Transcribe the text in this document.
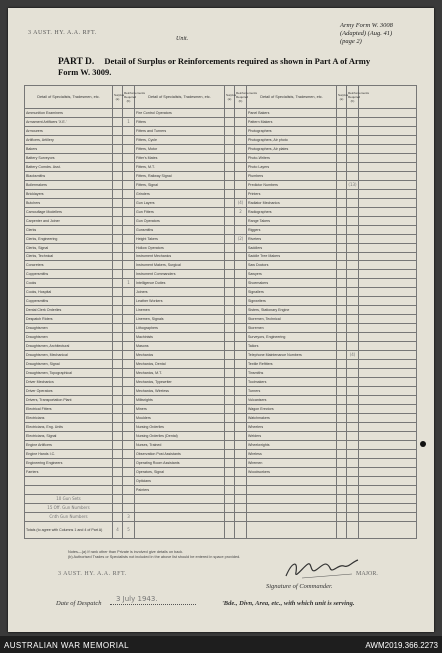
3 AUST. HY. A.A. RFT.
Unit.
Army Form W. 3008
(Adapted) (Aug. 41)
(page 2)
PART D. Detail of Surplus or Reinforcements required as shown in Part A of Army Form W. 3009.
Detail of Specialists, Tradesmen, etc.	Surplus (a)	Reinforcements Required (b)	Detail of Specialists, Tradesmen, etc.	Surplus (a)	Reinforcements Required (b)	Detail of Specialists, Tradesmen, etc.	Surplus (a)	Reinforcements Required (b)	
Ammunition Examiners			Fire Control Operators			Panel Bakers			
Armament Artificers 'X.E.'		1	Fitters			Pattern Makers			
Armourers			Fitters and Turners			Photographers			
Artificers, Artillery			Fitters, Cycle			Photographers, Air photo			
Bakers			Fitters, Motor			Photographers, Air plates			
Battery Surveyors			Fitter's Mates			Photo-Writers			
Battery Comdrs. Asst.			Fitters, M.T.			Photo Layers			
Blacksmiths			Fitters, Railway Signal			Plumbers			
Boilermakers			Fitters, Signal			Predictor Numbers		(13)	
Bricklayers			Grinders			Printers			
Butchers			Gun Layers		(4)	Radiator Mechanics			
Camouflage Modellers			Gun Fitters		2	Radiographers			
Carpenter and Joiner			Gun Operators			Range Takers			
Clerks			Gunsmiths			Riggers			
Clerks, Engineering			Height Takers		(2)	Riveters			
Clerks, Signal			Hollow Operators			Saddlers			
Clerks, Technical			Instrument Mechanics			Saddle Tree Makers			
Concreters			Instrument Makers, Surgical			Saw Doctors			
Coppersmiths			Instrument Commanders			Sawyers			
Cooks		1	Intelligence Duties			Shoemakers			
Cooks, Hospital			Joiners			Signallers			
Coppersmiths			Leather Workers			Signwriters			
Dental Clerk Orderlies			Linemen			Sisters, Stationary Engine			
Despatch Riders			Linemen, Signals			Storemen, Technical			
Draughtsmen			Lithographers			Storemen			
Draughtsmen			Machinists			Surveyors, Engineering			
Draughtsmen, Architectural			Masons			Tailors			
Draughtsmen, Mechanical			Mechanics			Telephone Maintenance Numbers		(4)	
Draughtsmen, Signal			Mechanics, Dental			Textile Refitters			
Draughtsmen, Topographical			Mechanics, M.T.			Tinsmiths			
Driver Mechanics			Mechanics, Typewriter			Toolmakers			
Driver Operators			Mechanics, Wireless			Turners			
Drivers, Transportation Plant			Millwrights			Vulcanisers			
Electrical Fitters			Miners			Wagon Erectors			
Electricians			Moulders			Watchmakers			
Electricians, Eng. Units			Nursing Orderlies			Wheelers			
Electricians, Signal			Nursing Orderlies (Dental)			Welders			
Engine Artificers			Nurses, Trained			Wheelwrights			
Engine Hands I.C.			Observation Post Assistants			Wireless			
Engineering Engineers			Operating Room Assistants			Wiremen			
Farriers			Operators, Signal			Woodworkers			
			Opticians						
			Painters						
10 Gun Sets									
15 Off. Gun Numbers									
Cnth Gun Numbers		3							
Totals (to agree with Columns 1 and 4 of Part A)	4	5							
Notes—(a) If rank other than Private is involved give details on back.
(b) Authorised Trades or Specialists not included in the above list should be entered in space provided.
3 AUST. HY. A.A. RFT.	MAJOR.
Signature of Commander.
Date of Despatch
3 July 1943.
'Bde., Divn, Area, etc., with which unit is serving.
AUSTRALIAN WAR MEMORIAL	AWM2019.366.2273
